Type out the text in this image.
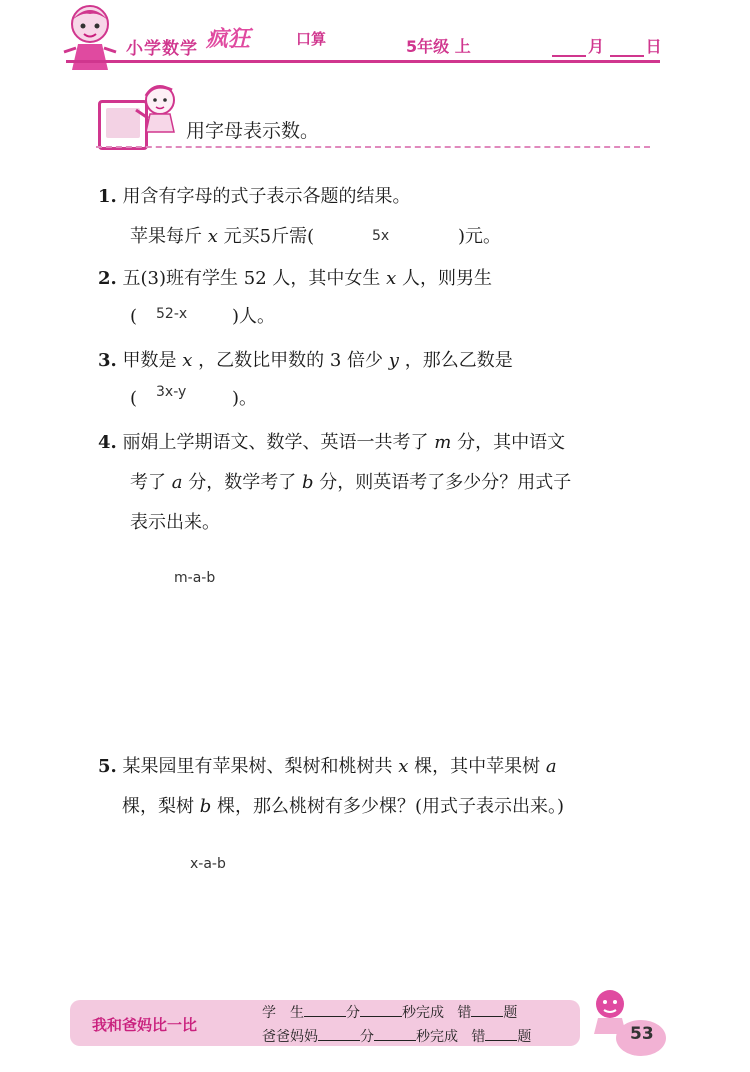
小学数学 疯狂	口算	5年级 上	月	日
用字母表示数。
1. 用含有字母的式子表示各题的结果。
苹果每斤 x 元买5斤需(	5x	)元。
2. 五(3)班有学生 52 人，其中女生 x 人，则男生
( 52-x )人。
3. 甲数是 x ，乙数比甲数的 3 倍少 y ，那么乙数是
( 3x-y	)。
4. 丽娟上学期语文、数学、英语一共考了 m 分，其中语文
考了 a 分，数学考了 b 分，则英语考了多少分？用式子
表示出来。
m-a-b
5. 某果园里有苹果树、梨树和桃树共 x 棵，其中苹果树 a
棵，梨树 b 棵，那么桃树有多少棵？(用式子表示出来。)
x-a-b
我和爸妈比一比
学　生	分	秒完成 错 题
爸爸妈妈	分	秒完成 错 题	53
